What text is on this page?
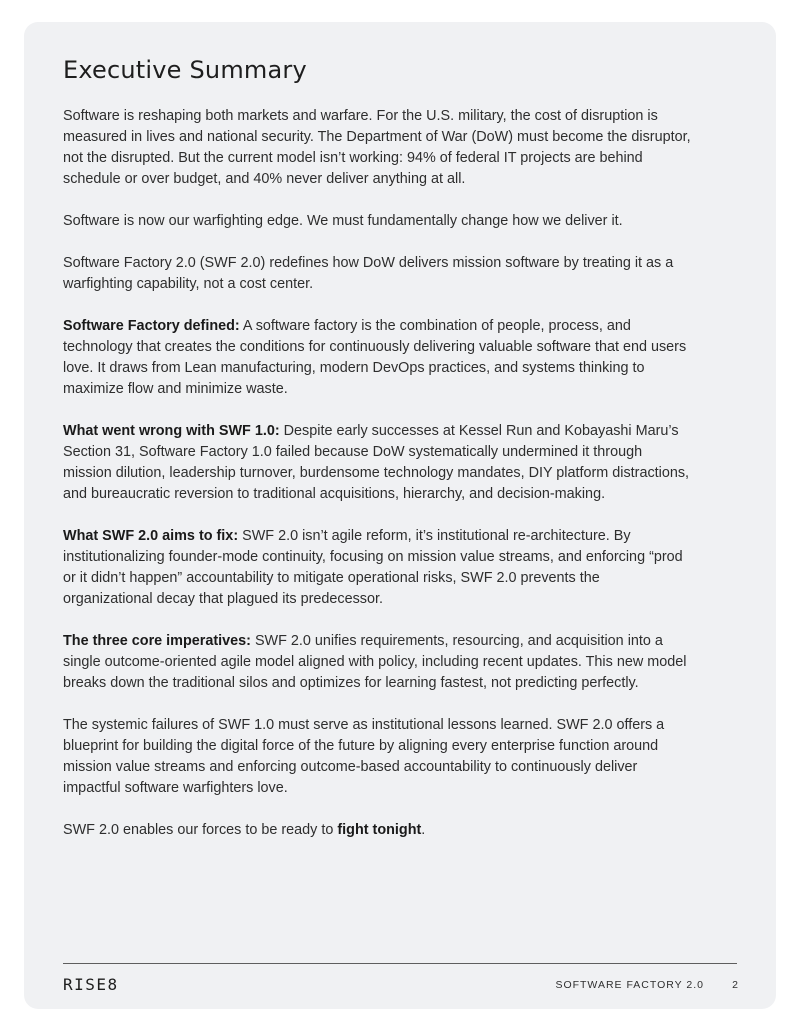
Executive Summary

Software is reshaping both markets and warfare. For the U.S. military, the cost of disruption is measured in lives and national security. The Department of War (DoW) must become the disruptor, not the disrupted. But the current model isn’t working: 94% of federal IT projects are behind schedule or over budget, and 40% never deliver anything at all.

Software is now our warfighting edge. We must fundamentally change how we deliver it.

Software Factory 2.0 (SWF 2.0) redefines how DoW delivers mission software by treating it as a warfighting capability, not a cost center.

Software Factory defined: A software factory is the combination of people, process, and technology that creates the conditions for continuously delivering valuable software that end users love. It draws from Lean manufacturing, modern DevOps practices, and systems thinking to maximize flow and minimize waste.

What went wrong with SWF 1.0: Despite early successes at Kessel Run and Kobayashi Maru’s Section 31, Software Factory 1.0 failed because DoW systematically undermined it through mission dilution, leadership turnover, burdensome technology mandates, DIY platform distractions, and bureaucratic reversion to traditional acquisitions, hierarchy, and decision-making.

What SWF 2.0 aims to fix: SWF 2.0 isn’t agile reform, it’s institutional re-architecture. By institutionalizing founder-mode continuity, focusing on mission value streams, and enforcing “prod or it didn’t happen” accountability to mitigate operational risks, SWF 2.0 prevents the organizational decay that plagued its predecessor.

The three core imperatives: SWF 2.0 unifies requirements, resourcing, and acquisition into a single outcome-oriented agile model aligned with policy, including recent updates. This new model breaks down the traditional silos and optimizes for learning fastest, not predicting perfectly.

The systemic failures of SWF 1.0 must serve as institutional lessons learned. SWF 2.0 offers a blueprint for building the digital force of the future by aligning every enterprise function around mission value streams and enforcing outcome-based accountability to continuously deliver impactful software warfighters love.

SWF 2.0 enables our forces to be ready to fight tonight.

RISE8	SOFTWARE FACTORY 2.0	2
